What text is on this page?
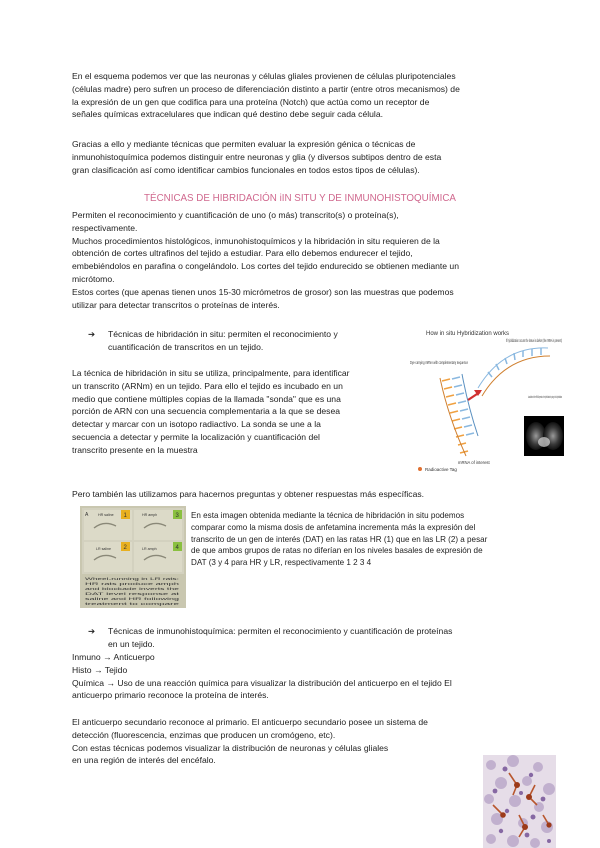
En el esquema podemos ver que las neuronas y células gliales provienen de células pluripotenciales
(células madre) pero sufren un proceso de diferenciación distinto a partir (entre otros mecanismos) de
la expresión de un gen que codifica para una proteína (Notch) que actúa como un receptor de
señales químicas extracelulares que indican qué destino debe seguir cada célula.
Gracias a ello y mediante técnicas que permiten evaluar la expresión génica o técnicas de
inmunohistoquímica podemos distinguir entre neuronas y glia (y diversos subtipos dentro de esta
gran clasificación así como identificar cambios funcionales en todos estos tipos de células).
TÉCNICAS DE HIBRIDACIÓN iIN SITU Y DE INMUNOHISTOQUÍMICA
Permiten el reconocimiento y cuantificación de uno (o más) transcrito(s) o proteína(s),
respectivamente.
Muchos procedimientos histológicos, inmunohistoquímicos y la hibridación in situ requieren de la
obtención de cortes ultrafinos del tejido a estudiar. Para ello debemos endurecer el tejido,
embebiéndolos en parafina o congelándolo. Los cortes del tejido endurecido se obtienen mediante un
micrótomo.
Estos cortes (que apenas tienen unos 15-30 micrómetros de grosor) son las muestras que podemos
utilizar para detectar transcritos o proteínas de interés.
➔ Técnicas de hibridación in situ: permiten el reconocimiento y
cuantificación de transcritos en un tejido.
La técnica de hibridación in situ se utiliza, principalmente, para identificar
un transcrito (ARNm) en un tejido. Para ello el tejido es incubado en un
medio que contiene múltiples copias de la llamada "sonda" que es una
porción de ARN con una secuencia complementaria a la que se desea
detectar y marcar con un isotopo radiactivo. La sonda se une a la
secuencia a detectar y permite la localización y cuantificación del
transcrito presente en la muestra
How in situ Hybridization works
Dye-carrying mRNA with complementary sequence
If hybridization occurs the tissue is darker (the mRNA is present)
Localization of the mRNA depends on the hybridization by using in situ hybridization
mRNA of interest
Radioactive Tag
Pero también las utilizamos para hacernos preguntas y obtener respuestas más específicas.
A	HR saline
LR saline
HR amph
LR amph
1	3
2	4
Wheel-running in LR rats:
HR rats produce amph
and blockade inverts the
DAT level response at
saline and HR following
treatment to compare
En esta imagen obtenida mediante la técnica de hibridación in situ podemos
comparar como la misma dosis de anfetamina incrementa más la expresión del
transcrito de un gen de interés (DAT) en las ratas HR (1) que en las LR (2) a pesar
de que ambos grupos de ratas no diferían en los niveles basales de expresión de
DAT (3 y 4 para HR y LR, respectivamente 1 2 3 4
➔ Técnicas de inmunohistoquímica: permiten el reconocimiento y cuantificación de proteínas
en un tejido.
Inmuno → Anticuerpo
Histo → Tejido
Química → Uso de una reacción química para visualizar la distribución del anticuerpo en el tejido El
anticuerpo primario reconoce la proteína de interés.
El anticuerpo secundario reconoce al primario. El anticuerpo secundario posee un sistema de
detección (fluorescencia, enzimas que producen un cromógeno, etc).
Con estas técnicas podemos visualizar la distribución de neuronas y células gliales
en una región de interés del encéfalo.
